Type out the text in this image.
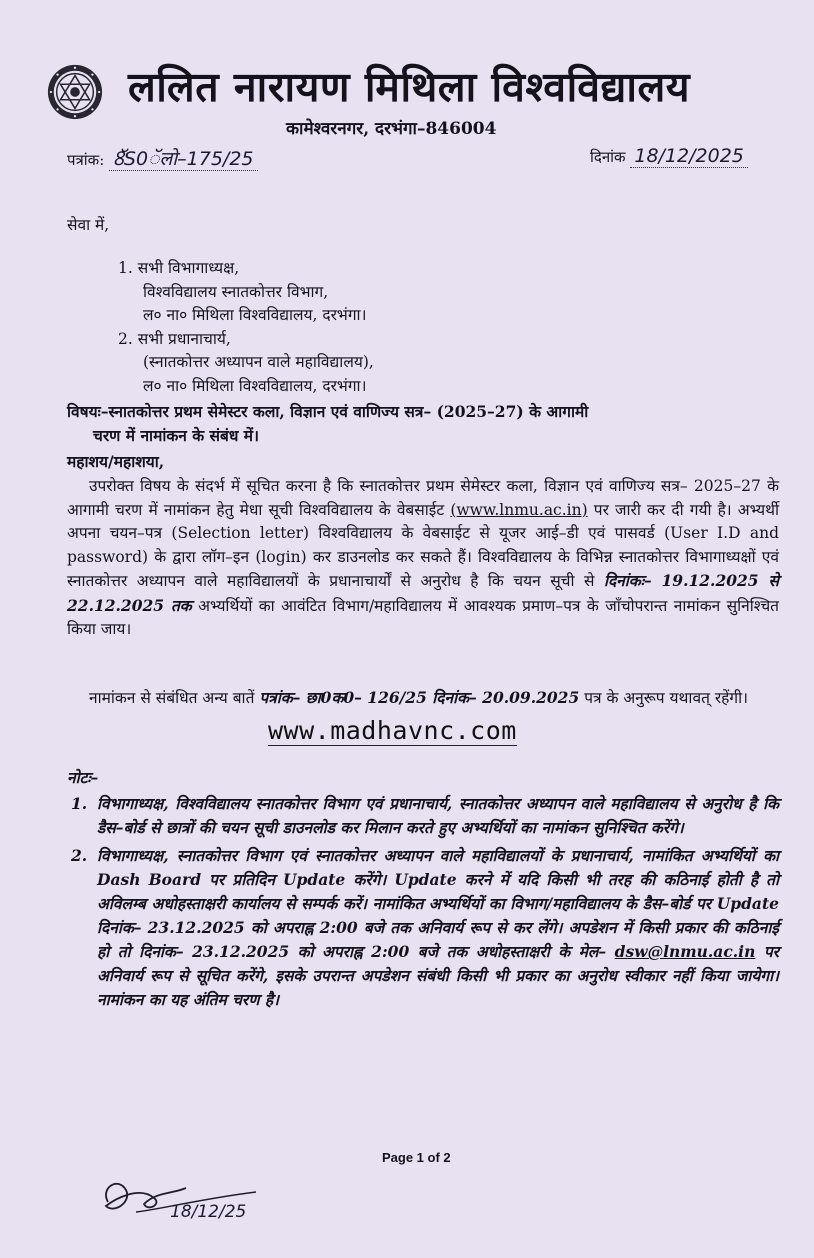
ललित नारायण मिथिला विश्वविद्यालय
कामेश्वरनगर, दरभंगा–846004
पत्रांक: 8ॅS0ॅलो–175/25	दिनांक 18/12/2025
सेवा में,
1. सभी विभागाध्यक्ष,
विश्वविद्यालय स्नातकोत्तर विभाग,
ल० ना० मिथिला विश्वविद्यालय, दरभंगा।
2. सभी प्रधानाचार्य,
(स्नातकोत्तर अध्यापन वाले महाविद्यालय),
ल० ना० मिथिला विश्वविद्यालय, दरभंगा।
विषयः–स्नातकोत्तर प्रथम सेमेस्टर कला, विज्ञान एवं वाणिज्य सत्र– (2025–27) के आगामी
चरण में नामांकन के संबंध में।
महाशय/महाशया,
उपरोक्त विषय के संदर्भ में सूचित करना है कि स्नातकोत्तर प्रथम सेमेस्टर कला, विज्ञान एवं वाणिज्य सत्र– 2025–27 के आगामी चरण में नामांकन हेतु मेधा सूची विश्वविद्यालय के वेबसाईट (www.lnmu.ac.in) पर जारी कर दी गयी है। अभ्यर्थी अपना चयन–पत्र (Selection letter) विश्वविद्यालय के वेबसाईट से यूजर आई–डी एवं पासवर्ड (User I.D and password) के द्वारा लॉग–इन (login) कर डाउनलोड कर सकते हैं। विश्वविद्यालय के विभिन्न स्नातकोत्तर विभागाध्यक्षों एवं स्नातकोत्तर अध्यापन वाले महाविद्यालयों के प्रधानाचार्यों से अनुरोध है कि चयन सूची से दिनांकः– 19.12.2025 से 22.12.2025 तक अभ्यर्थियों का आवंटित विभाग/महाविद्यालय में आवश्यक प्रमाण–पत्र के जाँचोपरान्त नामांकन सुनिश्चित किया जाय।
नामांकन से संबंधित अन्य बातें पत्रांक– छा0क0– 126/25 दिनांक– 20.09.2025 पत्र के अनुरूप यथावत् रहेंगी।
www.madhavnc.com
नोटः–
1. विभागाध्यक्ष, विश्वविद्यालय स्नातकोत्तर विभाग एवं प्रधानाचार्य, स्नातकोत्तर अध्यापन वाले महाविद्यालय से अनुरोध है कि डैस–बोर्ड से छात्रों की चयन सूची डाउनलोड कर मिलान करते हुए अभ्यर्थियों का नामांकन सुनिश्चित करेंगे।
2. विभागाध्यक्ष, स्नातकोत्तर विभाग एवं स्नातकोत्तर अध्यापन वाले महाविद्यालयों के प्रधानाचार्य, नामांकित अभ्यर्थियों का Dash Board पर प्रतिदिन Update करेंगे। Update करने में यदि किसी भी तरह की कठिनाई होती है तो अविलम्ब अधोहस्ताक्षरी कार्यालय से सम्पर्क करें। नामांकित अभ्यर्थियों का विभाग/महाविद्यालय के डैस–बोर्ड पर Update दिनांक– 23.12.2025 को अपराह्न 2:00 बजे तक अनिवार्य रूप से कर लेंगे। अपडेशन में किसी प्रकार की कठिनाई हो तो दिनांक– 23.12.2025 को अपराह्न 2:00 बजे तक अधोहस्ताक्षरी के मेल– dsw@lnmu.ac.in पर अनिवार्य रूप से सूचित करेंगे, इसके उपरान्त अपडेशन संबंधी किसी भी प्रकार का अनुरोध स्वीकार नहीं किया जायेगा। नामांकन का यह अंतिम चरण है।
Page 1 of 2
18/12/25
